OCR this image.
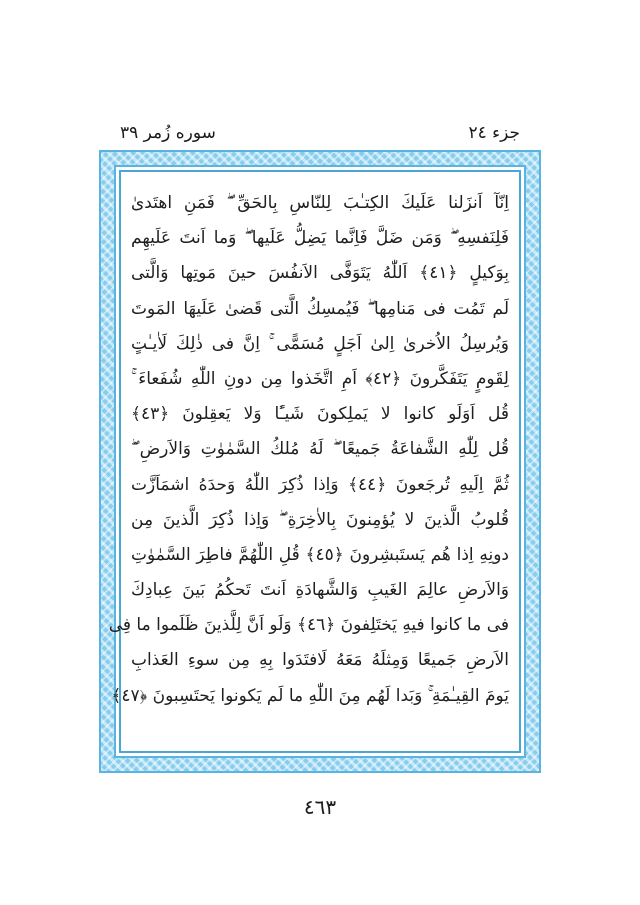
جزء ٢٤
سوره زُمر ٣٩
اِنّآ اَنزَلنا عَلَيكَ الكِتـٰبَ لِلنّاسِ بِالحَقِّ ۖ فَمَنِ اهتَدىٰ
فَلِنَفسِهِ ۖ وَمَن ضَلَّ فَاِنَّما يَضِلُّ عَلَيها ۖ وَما اَنتَ عَلَيهِم
بِوَكيلٍ ﴿٤١﴾ اَللّٰهُ يَتَوَفَّى الاَنفُسَ حينَ مَوتِها وَالَّتى
لَم تَمُت فى مَنامِها ۖ فَيُمسِكُ الَّتى قَضىٰ عَلَيهَا المَوتَ
وَيُرسِلُ الاُخرىٰ اِلىٰ اَجَلٍ مُسَمًّى ۚ اِنَّ فى ذٰلِكَ لَاٰيـٰتٍ
لِقَومٍ يَتَفَكَّرونَ ﴿٤٢﴾ اَمِ اتَّخَذوا مِن دونِ اللّٰهِ شُفَعاءَ ۚ
قُل اَوَلَو كانوا لا يَملِكونَ شَيـًٔا وَلا يَعقِلونَ ﴿٤٣﴾
قُل لِلّٰهِ الشَّفاعَةُ جَميعًا ۖ لَهُ مُلكُ السَّمٰوٰتِ وَالاَرضِ ۖ
ثُمَّ اِلَيهِ تُرجَعونَ ﴿٤٤﴾ وَاِذا ذُكِرَ اللّٰهُ وَحدَهُ اشمَاَزَّت
قُلوبُ الَّذينَ لا يُؤمِنونَ بِالاٰخِرَةِ ۖ وَاِذا ذُكِرَ الَّذينَ مِن
دونِهِ اِذا هُم يَستَبشِرونَ ﴿٤٥﴾ قُلِ اللّٰهُمَّ فاطِرَ السَّمٰوٰتِ
وَالاَرضِ عالِمَ الغَيبِ وَالشَّهادَةِ اَنتَ تَحكُمُ بَينَ عِبادِكَ
فى ما كانوا فيهِ يَختَلِفونَ ﴿٤٦﴾ وَلَو اَنَّ لِلَّذينَ ظَلَموا ما فِى
الاَرضِ جَميعًا وَمِثلَهُ مَعَهُ لَافتَدَوا بِهِ مِن سوءِ العَذابِ
يَومَ القِيـٰمَةِ ۚ وَبَدا لَهُم مِنَ اللّٰهِ ما لَم يَكونوا يَحتَسِبونَ ﴿٤٧﴾
٤٦٣
